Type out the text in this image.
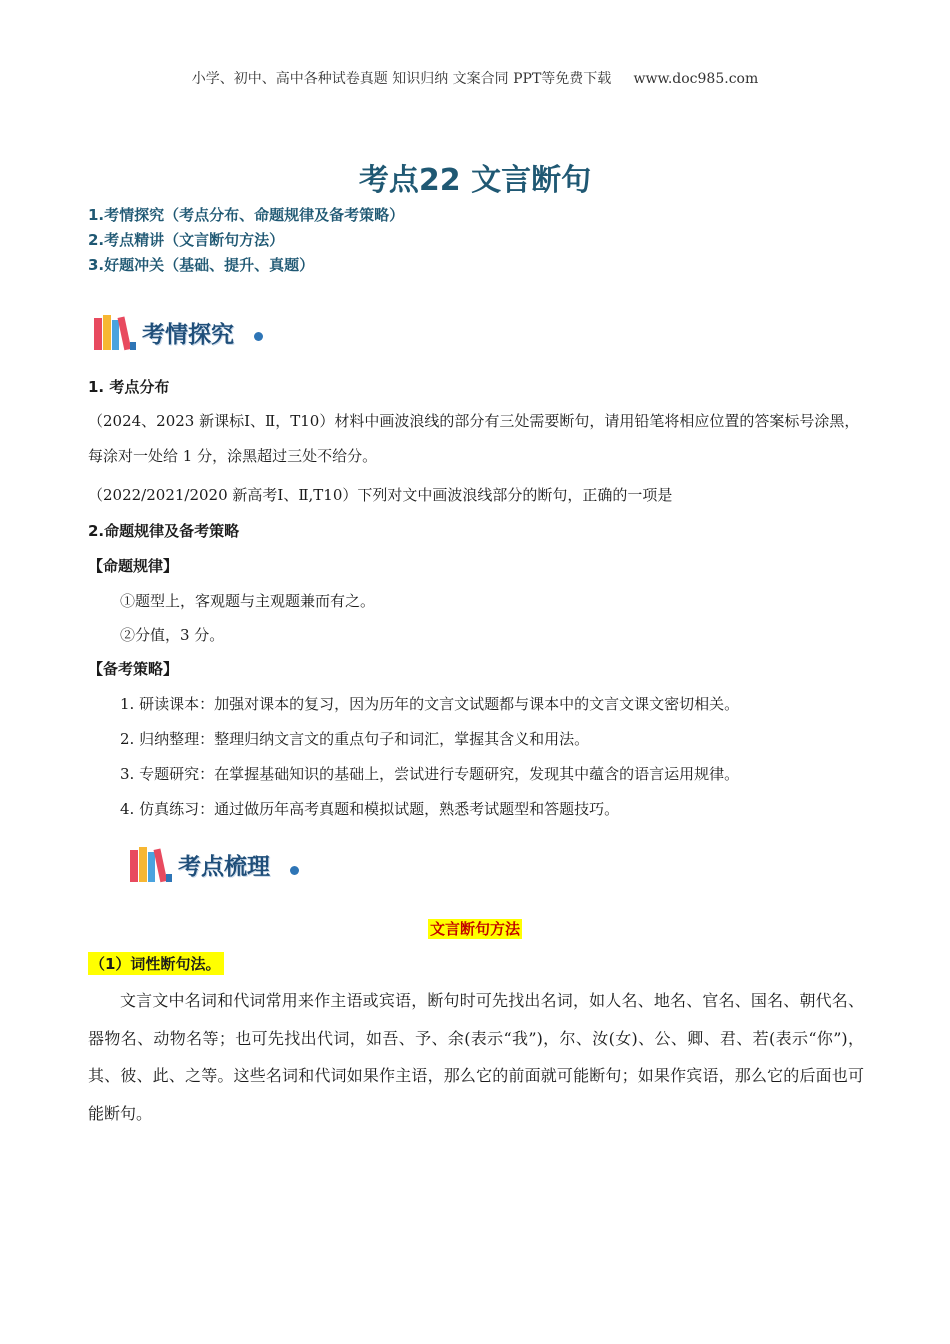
小学、初中、高中各种试卷真题 知识归纳 文案合同 PPT等免费下载 www.doc985.com
考点22 文言断句
1.考情探究（考点分布、命题规律及备考策略）
2.考点精讲（文言断句方法）
3.好题冲关（基础、提升、真题）
考情探究
1. 考点分布
（2024、2023 新课标Ⅰ、Ⅱ，T10）材料中画波浪线的部分有三处需要断句，请用铅笔将相应位置的答案标号涂黑，每涂对一处给 1 分，涂黑超过三处不给分。
（2022/2021/2020 新高考Ⅰ、Ⅱ,T10）下列对文中画波浪线部分的断句，正确的一项是
2.命题规律及备考策略
【命题规律】
①题型上，客观题与主观题兼而有之。
②分值，3 分。
【备考策略】
1. 研读课本：加强对课本的复习，因为历年的文言文试题都与课本中的文言文课文密切相关。
2. 归纳整理：整理归纳文言文的重点句子和词汇，掌握其含义和用法。
3. 专题研究：在掌握基础知识的基础上，尝试进行专题研究，发现其中蕴含的语言运用规律。
4. 仿真练习：通过做历年高考真题和模拟试题，熟悉考试题型和答题技巧。
考点梳理
文言断句方法
（1）词性断句法。
文言文中名词和代词常用来作主语或宾语，断句时可先找出名词，如人名、地名、官名、国名、朝代名、器物名、动物名等；也可先找出代词，如吾、予、余(表示“我”)，尔、汝(女)、公、卿、君、若(表示“你”)，其、彼、此、之等。这些名词和代词如果作主语，那么它的前面就可能断句；如果作宾语，那么它的后面也可能断句。
